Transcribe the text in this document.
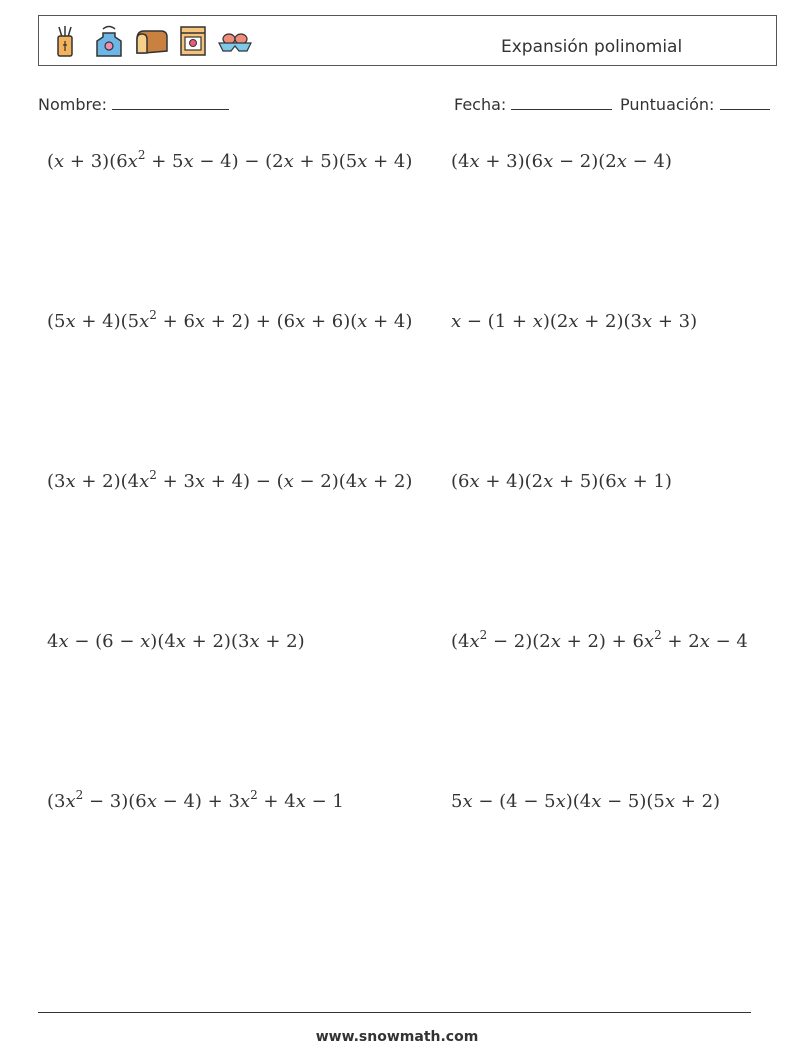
Expansión polinomial
Nombre:	Fecha:	Puntuación:
$(x + 3)(6x^2 + 5x - 4) - (2x + 5)(5x + 4)$ (4x + 3)(6x − 2)(2x − 4)
$(5x + 4)(5x^2 + 6x + 2) + (6x + 6)(x + 4)$ x − (1 + x)(2x + 2)(3x + 3)
$(3x + 2)(4x^2 + 3x + 4) - (x - 2)(4x + 2)$ (6x + 4)(2x + 5)(6x + 1)
4x − (6 − x)(4x + 2)(3x + 2)	$(4x^2 - 2)(2x + 2) + 6x^2 + 2x - 4$
$(3x^2 - 3)(6x - 4) + 3x^2 + 4x - 1$	5x − (4 − 5x)(4x − 5)(5x + 2)
www.snowmath.com
